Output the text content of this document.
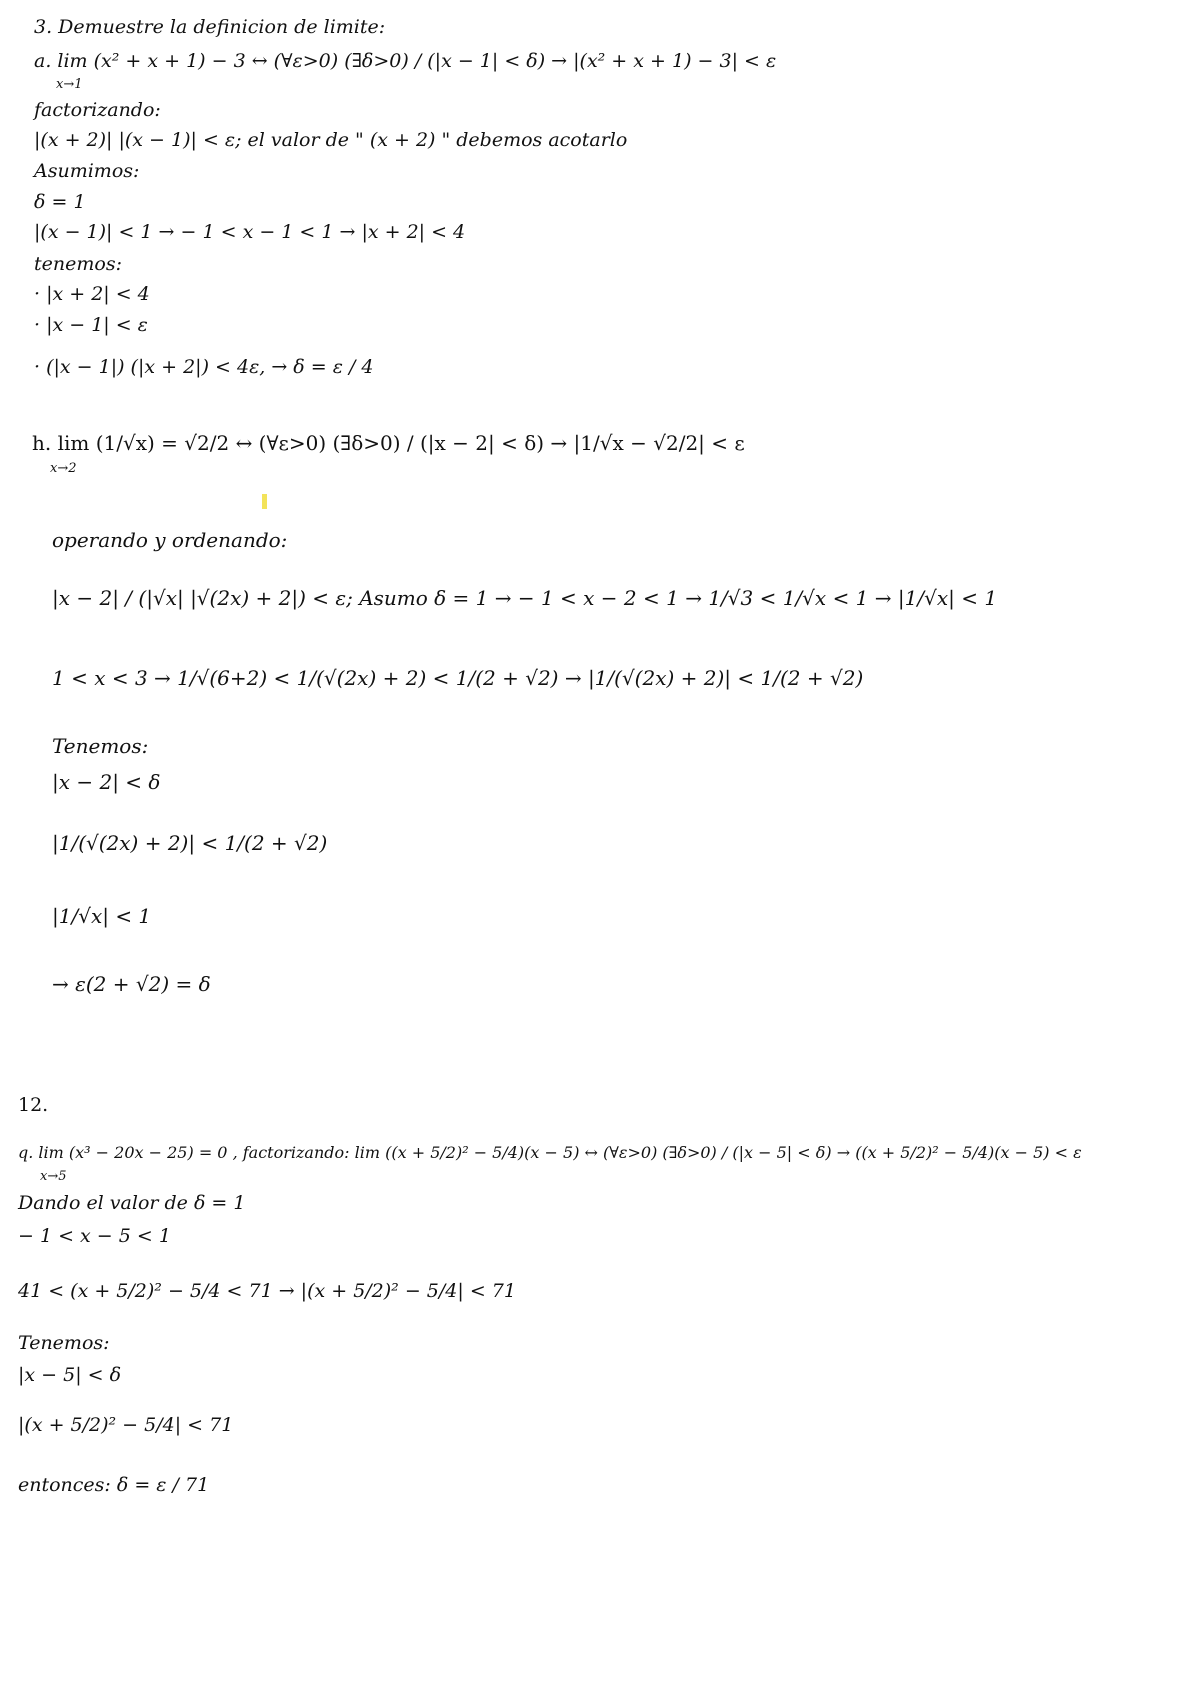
3. Demuestre la definicion de limite:
a. lim (x² + x + 1) − 3 ↔ (∀ε>0) (∃δ>0) / (|x − 1| < δ) → |(x² + x + 1) − 3| < ε
x→1
factorizando:
|(x + 2)| |(x − 1)| < ε; el valor de " (x + 2) " debemos acotarlo
Asumimos:
δ = 1
|(x − 1)| < 1 → − 1 < x − 1 < 1 → |x + 2| < 4
tenemos:
· |x + 2| < 4
· |x − 1| < ε
· (|x − 1|) (|x + 2|) < 4ε, → δ = ε / 4
h. lim (1/√x) = √2/2 ↔ (∀ε>0) (∃δ>0) / (|x − 2| < δ) → |1/√x − √2/2| < ε
x→2
operando y ordenando:
|x − 2| / (|√x| |√(2x) + 2|) < ε; Asumo δ = 1 → − 1 < x − 2 < 1 → 1/√3 < 1/√x < 1 → |1/√x| < 1
1 < x < 3 → 1/√(6+2) < 1/(√(2x) + 2) < 1/(2 + √2) → |1/(√(2x) + 2)| < 1/(2 + √2)
Tenemos:
|x − 2| < δ
|1/(√(2x) + 2)| < 1/(2 + √2)
|1/√x| < 1
→ ε(2 + √2) = δ
12.
q. lim (x³ − 20x − 25) = 0 , factorizando: lim ((x + 5/2)² − 5/4)(x − 5) ↔ (∀ε>0) (∃δ>0) / (|x − 5| < δ) → ((x + 5/2)² − 5/4)(x − 5) < ε
x→5
Dando el valor de δ = 1
− 1 < x − 5 < 1
41 < (x + 5/2)² − 5/4 < 71 → |(x + 5/2)² − 5/4| < 71
Tenemos:
|x − 5| < δ
|(x + 5/2)² − 5/4| < 71
entonces: δ = ε / 71
